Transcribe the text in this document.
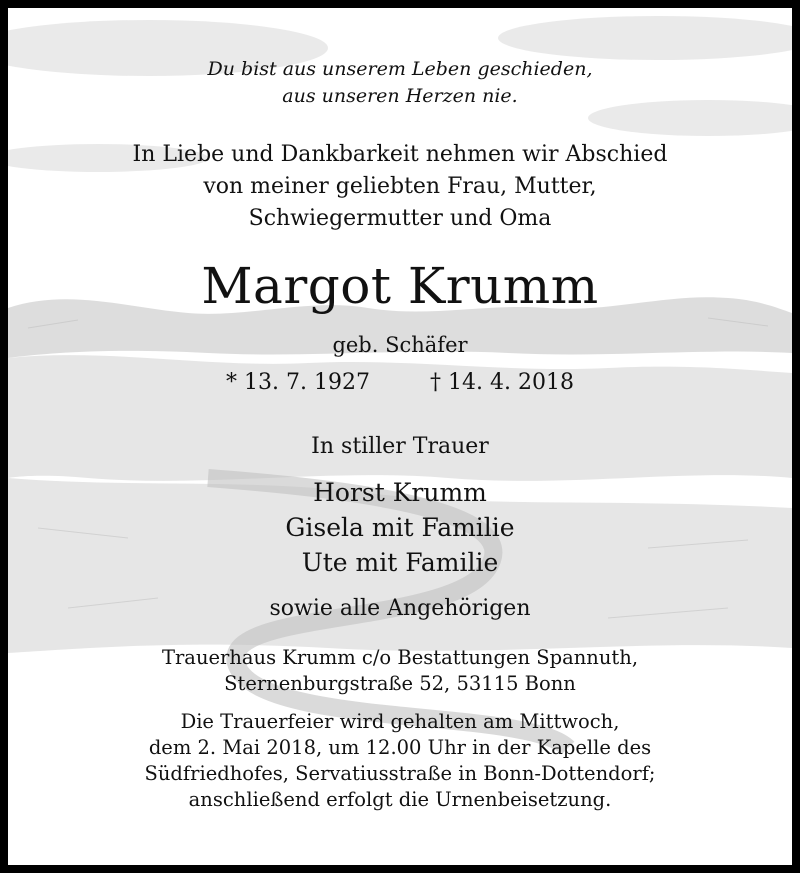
Du bist aus unserem Leben geschieden,
aus unseren Herzen nie.
In Liebe und Dankbarkeit nehmen wir Abschied
von meiner geliebten Frau, Mutter,
Schwiegermutter und Oma
Margot Krumm
geb. Schäfer
* 13. 7. 1927	† 14. 4. 2018
In stiller Trauer
Horst Krumm
Gisela mit Familie
Ute mit Familie
sowie alle Angehörigen
Trauerhaus Krumm c/o Bestattungen Spannuth,
Sternenburgstraße 52, 53115 Bonn
Die Trauerfeier wird gehalten am Mittwoch,
dem 2. Mai 2018, um 12.00 Uhr in der Kapelle des
Südfriedhofes, Servatiusstraße in Bonn-Dottendorf;
anschließend erfolgt die Urnenbeisetzung.
